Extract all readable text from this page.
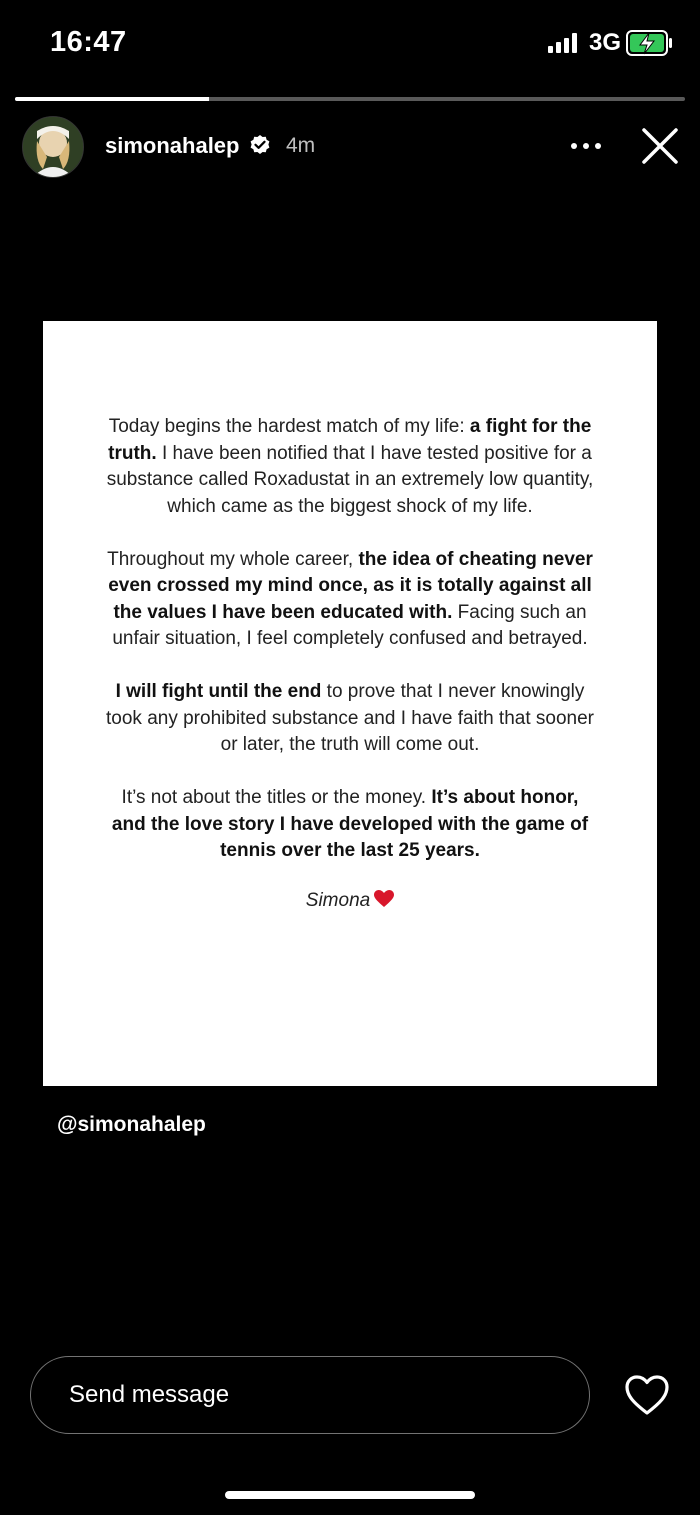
16:47	3G
simonahalep 4m

Today begins the hardest match of my life: a fight for the truth. I have been notified that I have tested positive for a substance called Roxadustat in an extremely low quantity, which came as the biggest shock of my life.

Throughout my whole career, the idea of cheating never even crossed my mind once, as it is totally against all the values I have been educated with. Facing such an unfair situation, I feel completely confused and betrayed.

I will fight until the end to prove that I never knowingly took any prohibited substance and I have faith that sooner or later, the truth will come out.

It’s not about the titles or the money. It’s about honor, and the love story I have developed with the game of tennis over the last 25 years.

Simona
@simonahalep
Send message
